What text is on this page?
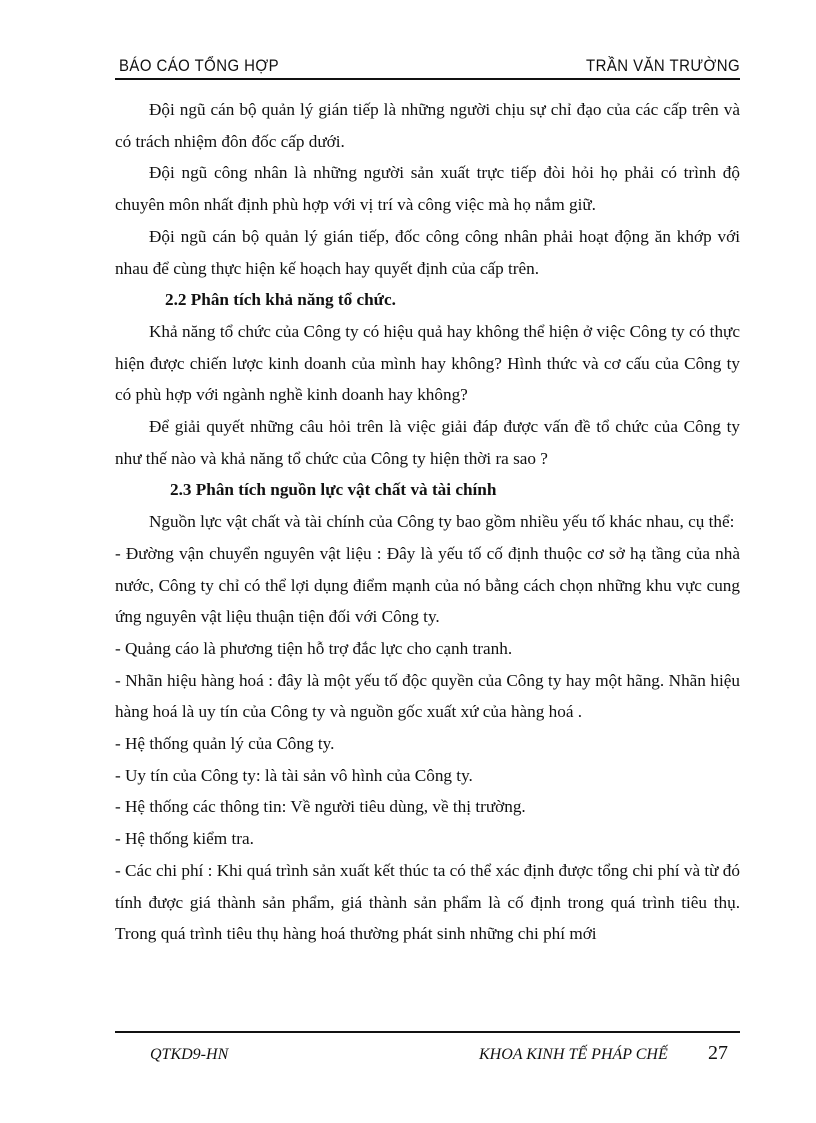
BÁO CÁO TỔNG HỢP	TRẦN VĂN TRƯỜNG

Đội ngũ cán bộ quản lý gián tiếp là những người chịu sự chỉ đạo của các cấp trên và có trách nhiệm đôn đốc cấp dưới.

Đội ngũ công nhân là những người sản xuất trực tiếp đòi hỏi họ phải có trình độ chuyên môn nhất định phù hợp với vị trí và công việc mà họ nắm giữ.

Đội ngũ cán bộ quản lý gián tiếp, đốc công công nhân phải hoạt động ăn khớp với nhau để cùng thực hiện kế hoạch hay quyết định của cấp trên.

2.2 Phân tích khả năng tổ chức.

Khả năng tổ chức của Công ty có hiệu quả hay không thể hiện ở việc Công ty có thực hiện được chiến lược kinh doanh của mình hay không? Hình thức và cơ cấu của Công ty có phù hợp với ngành nghề kinh doanh hay không?

Để giải quyết những câu hỏi trên là việc giải đáp được vấn đề tổ chức của Công ty như thế nào và khả năng tổ chức của Công ty hiện thời ra sao ?

2.3 Phân tích nguồn lực vật chất và tài chính

Nguồn lực vật chất và tài chính của Công ty bao gồm nhiều yếu tố khác nhau, cụ thể:

- Đường vận chuyển nguyên vật liệu : Đây là yếu tố cố định thuộc cơ sở hạ tầng của nhà nước, Công ty chỉ có thể lợi dụng điểm mạnh của nó bằng cách chọn những khu vực cung ứng nguyên vật liệu thuận tiện đối với Công ty.

- Quảng cáo là phương tiện hỗ trợ đắc lực cho cạnh tranh.

- Nhãn hiệu hàng hoá : đây là một yếu tố độc quyền của Công ty hay một hãng. Nhãn hiệu hàng hoá là uy tín của Công ty và nguồn gốc xuất xứ của hàng hoá .

- Hệ thống quản lý của Công ty.

- Uy tín của Công ty: là tài sản vô hình của Công ty.

- Hệ thống các thông tin: Về người tiêu dùng, về thị trường.

- Hệ thống kiểm tra.

- Các chi phí : Khi quá trình sản xuất kết thúc ta có thể xác định được tổng chi phí và từ đó tính được giá thành sản phẩm, giá thành sản phẩm là cố định trong quá trình tiêu thụ. Trong quá trình tiêu thụ hàng hoá thường phát sinh những chi phí mới

QTKD9-HN	KHOA KINH TẾ PHÁP CHẾ 27
